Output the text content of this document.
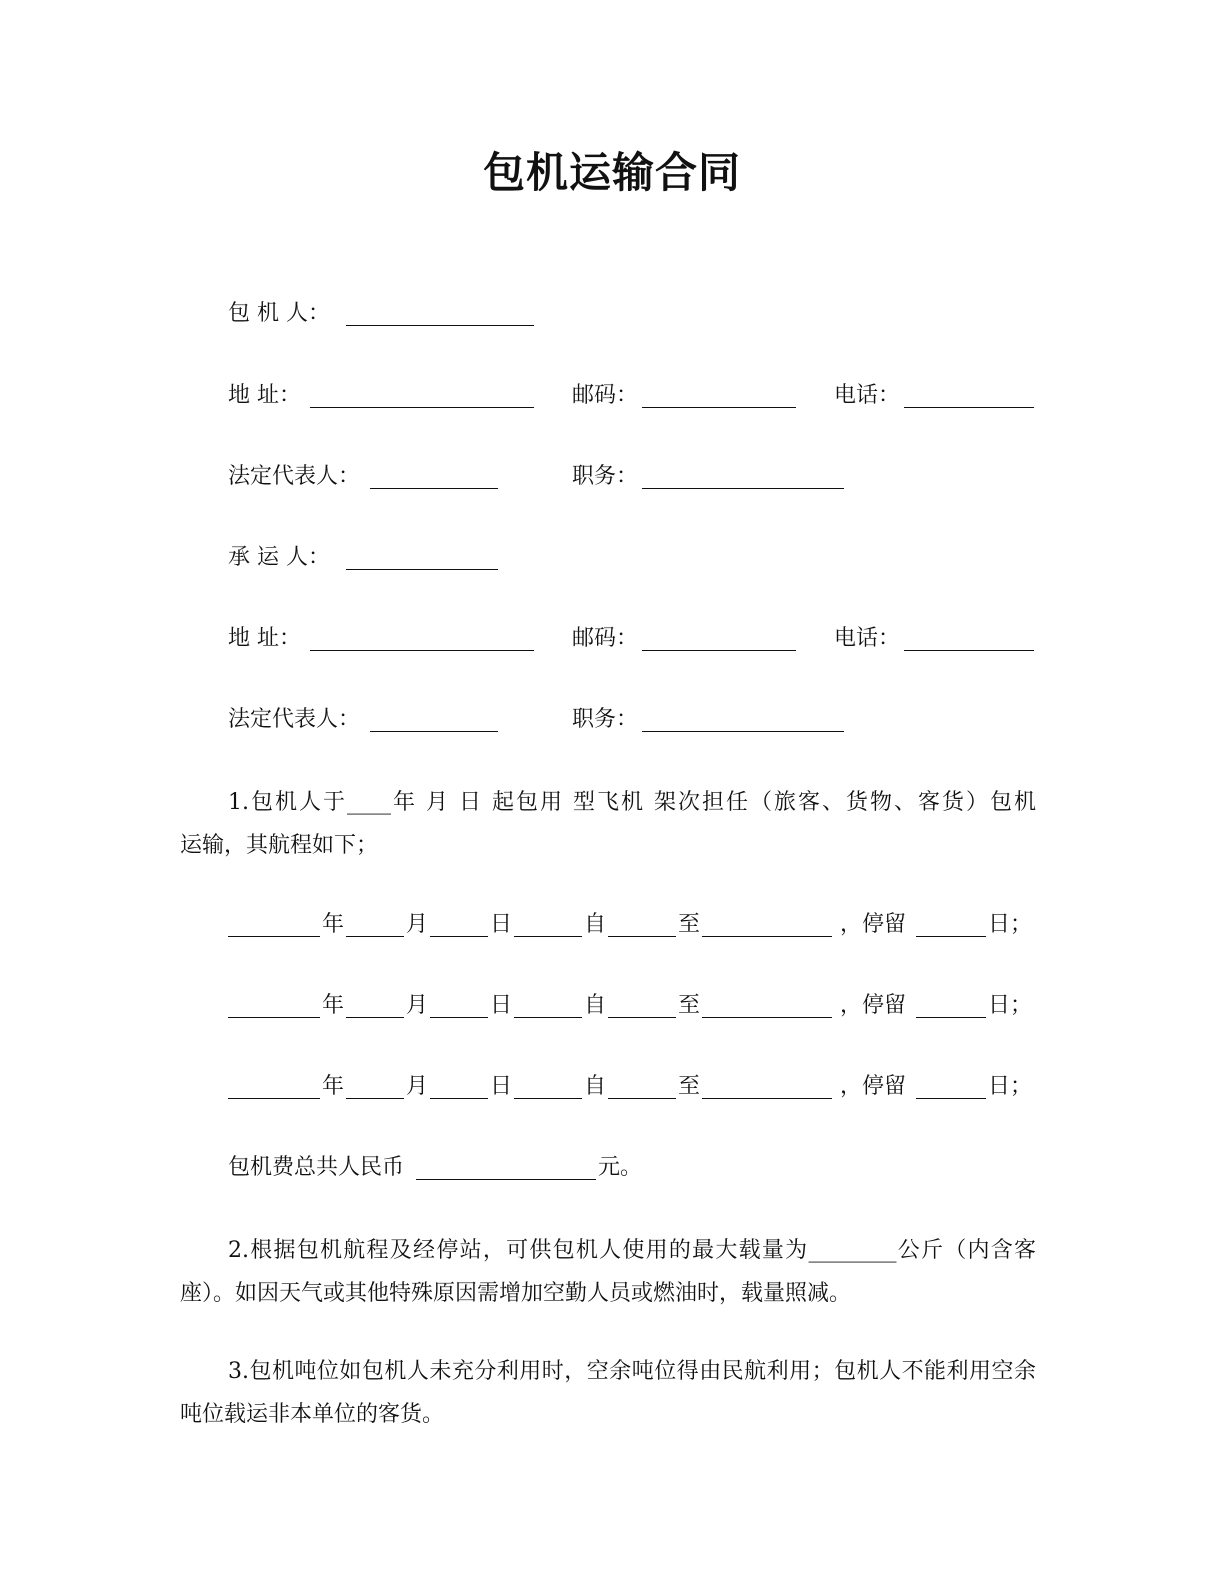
包机运输合同
包 机 人：
地 址：	邮码：	电话：
法定代表人：	职务：
承 运 人：
地 址：	邮码：	电话：
法定代表人：	职务：

1.包机人于____年 月 日 起包用 型飞机 架次担任（旅客、货物、客货）包机

运输，其航程如下；
年	月	日	自	至	，停留	日；
年	月	日	自	至	，停留	日；
年	月	日	自	至	，停留	日；
包机费总共人民币	元。

2.根据包机航程及经停站，可供包机人使用的最大载量为________公斤（内含客座）。如因天气或其他特殊原因需增加空勤人员或燃油时，载量照减。

3.包机吨位如包机人未充分利用时，空余吨位得由民航利用；包机人不能利用空余吨位载运非本单位的客货。
